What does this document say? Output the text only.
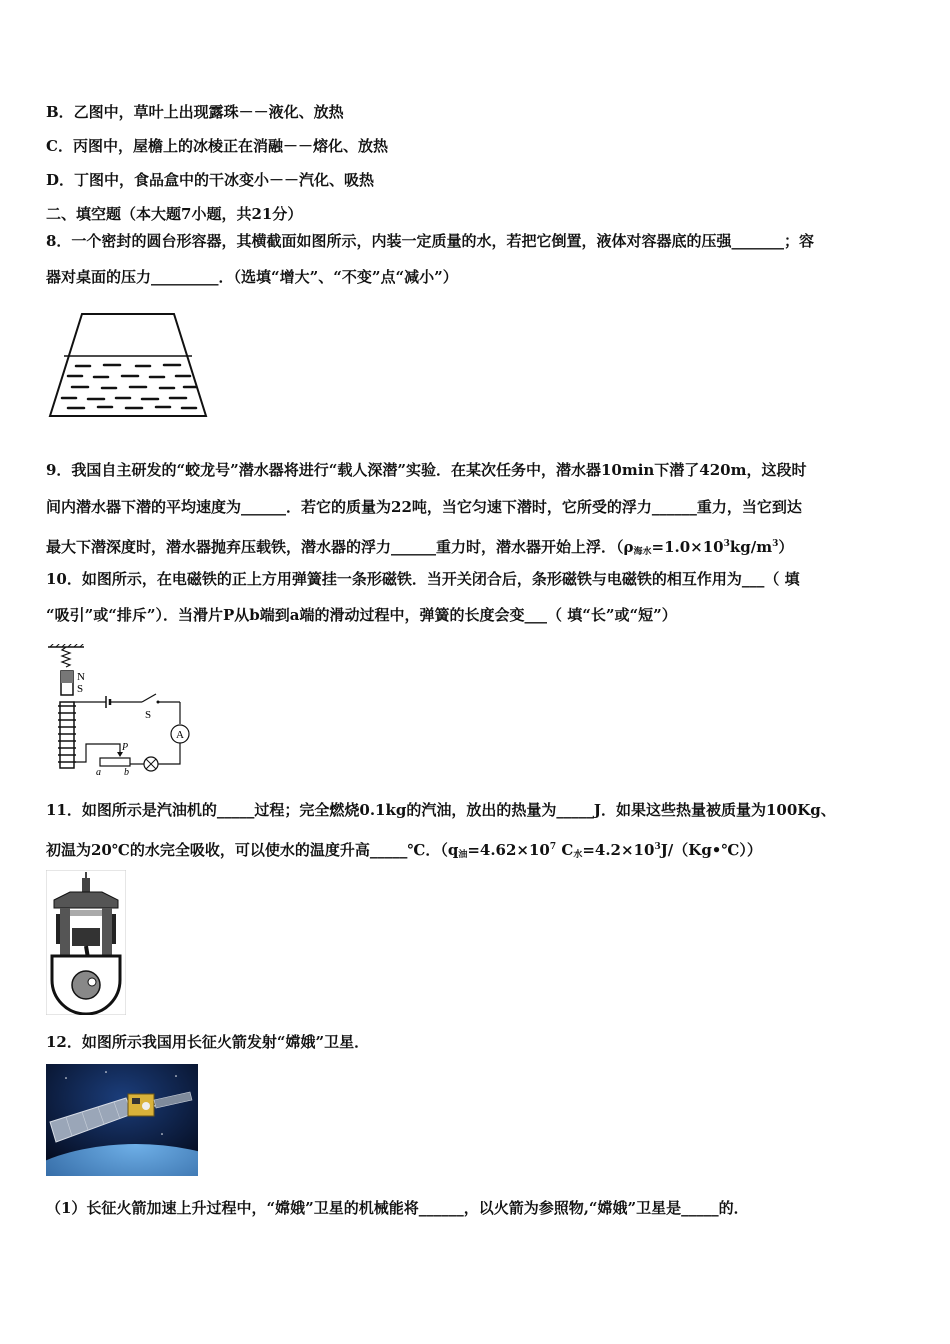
B．乙图中，草叶上出现露珠－－液化、放热
C．丙图中，屋檐上的冰棱正在消融－－熔化、放热
D．丁图中，食品盒中的干冰变小－－汽化、吸热
二、填空题（本大题7小题，共21分）
8．一个密封的圆台形容器，其横截面如图所示，内装一定质量的水，若把它倒置，液体对容器底的压强_______；容
器对桌面的压力_________．（选填“增大”、“不变”点“减小”）
9．我国自主研发的“蛟龙号”潜水器将进行“载人深潜”实验．在某次任务中，潜水器10min下潜了420m，这段时
间内潜水器下潜的平均速度为______．若它的质量为22吨，当它匀速下潜时，它所受的浮力______重力，当它到达
最大下潜深度时，潜水器抛弃压载铁，潜水器的浮力______重力时，潜水器开始上浮．（ρ海水$=1.0\times 10^3kg/m^3$）
10．如图所示，在电磁铁的正上方用弹簧挂一条形磁铁．当开关闭合后，条形磁铁与电磁铁的相互作用为___（ 填
“吸引”或“排斥”）．当滑片P从b端到a端的滑动过程中，弹簧的长度会变___（ 填“长”或“短”）
N
S
S
A
P
a b
11．如图所示是汽油机的_____过程；完全燃烧0.1kg的汽油，放出的热量为_____J．如果这些热量被质量为100Kg、
初温为20℃的水完全吸收，可以使水的温度升高_____℃．（q油$=4.62\times 10^7$ C水$=4.2\times 10^3J/(Kg•℃)$）
12．如图所示我国用长征火箭发射“嫦娥”卫星．
（1）长征火箭加速上升过程中，“嫦娥”卫星的机械能将______，以火箭为参照物,“嫦娥”卫星是_____的．
